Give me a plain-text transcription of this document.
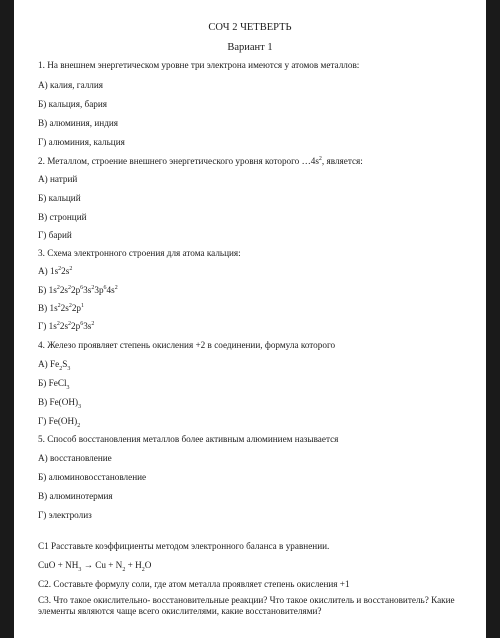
СОЧ 2 ЧЕТВЕРТЬ
Вариант 1
1. На внешнем энергетическом уровне три электрона имеются у атомов металлов:
А) калия, галлия
Б) кальция, бария
В) алюминия, индия
Г) алюминия, кальция
2. Металлом, строение внешнего энергетического уровня которого $\dots 4s^2$, является:
А) натрий
Б) кальций
В) стронций
Г) барий
3. Схема электронного строения для атома кальция:
А) $1s^22s^2$
Б) $1s^22s^22p^63s^23p^64s^2$
В) $1s^22s^22p^1$
Г) $1s^22s^22p^63s^2$
4. Железо проявляет степень окисления +2 в соединении, формула которого
А) $Fe_2S_3$
Б) FeCl$_3$
В) $Fe(OH)_3$
Г) $Fe(OH)_2$
5. Способ восстановления металлов более активным алюминием называется
А) восстановление
Б) алюминовосстановление
В) алюминотермия
Г) электролиз
С1 Расставьте коэффициенты методом электронного баланса в уравнении.
CuO + $NH_3 \to Cu + N_2 + H_2O$
С2. Составьте формулу соли, где атом металла проявляет степень окисления +1
С3. Что такое окислительно- восстановительные реакции? Что такое окислитель и восстановитель? Какие элементы являются чаще всего окислителями, какие восстановителями?
